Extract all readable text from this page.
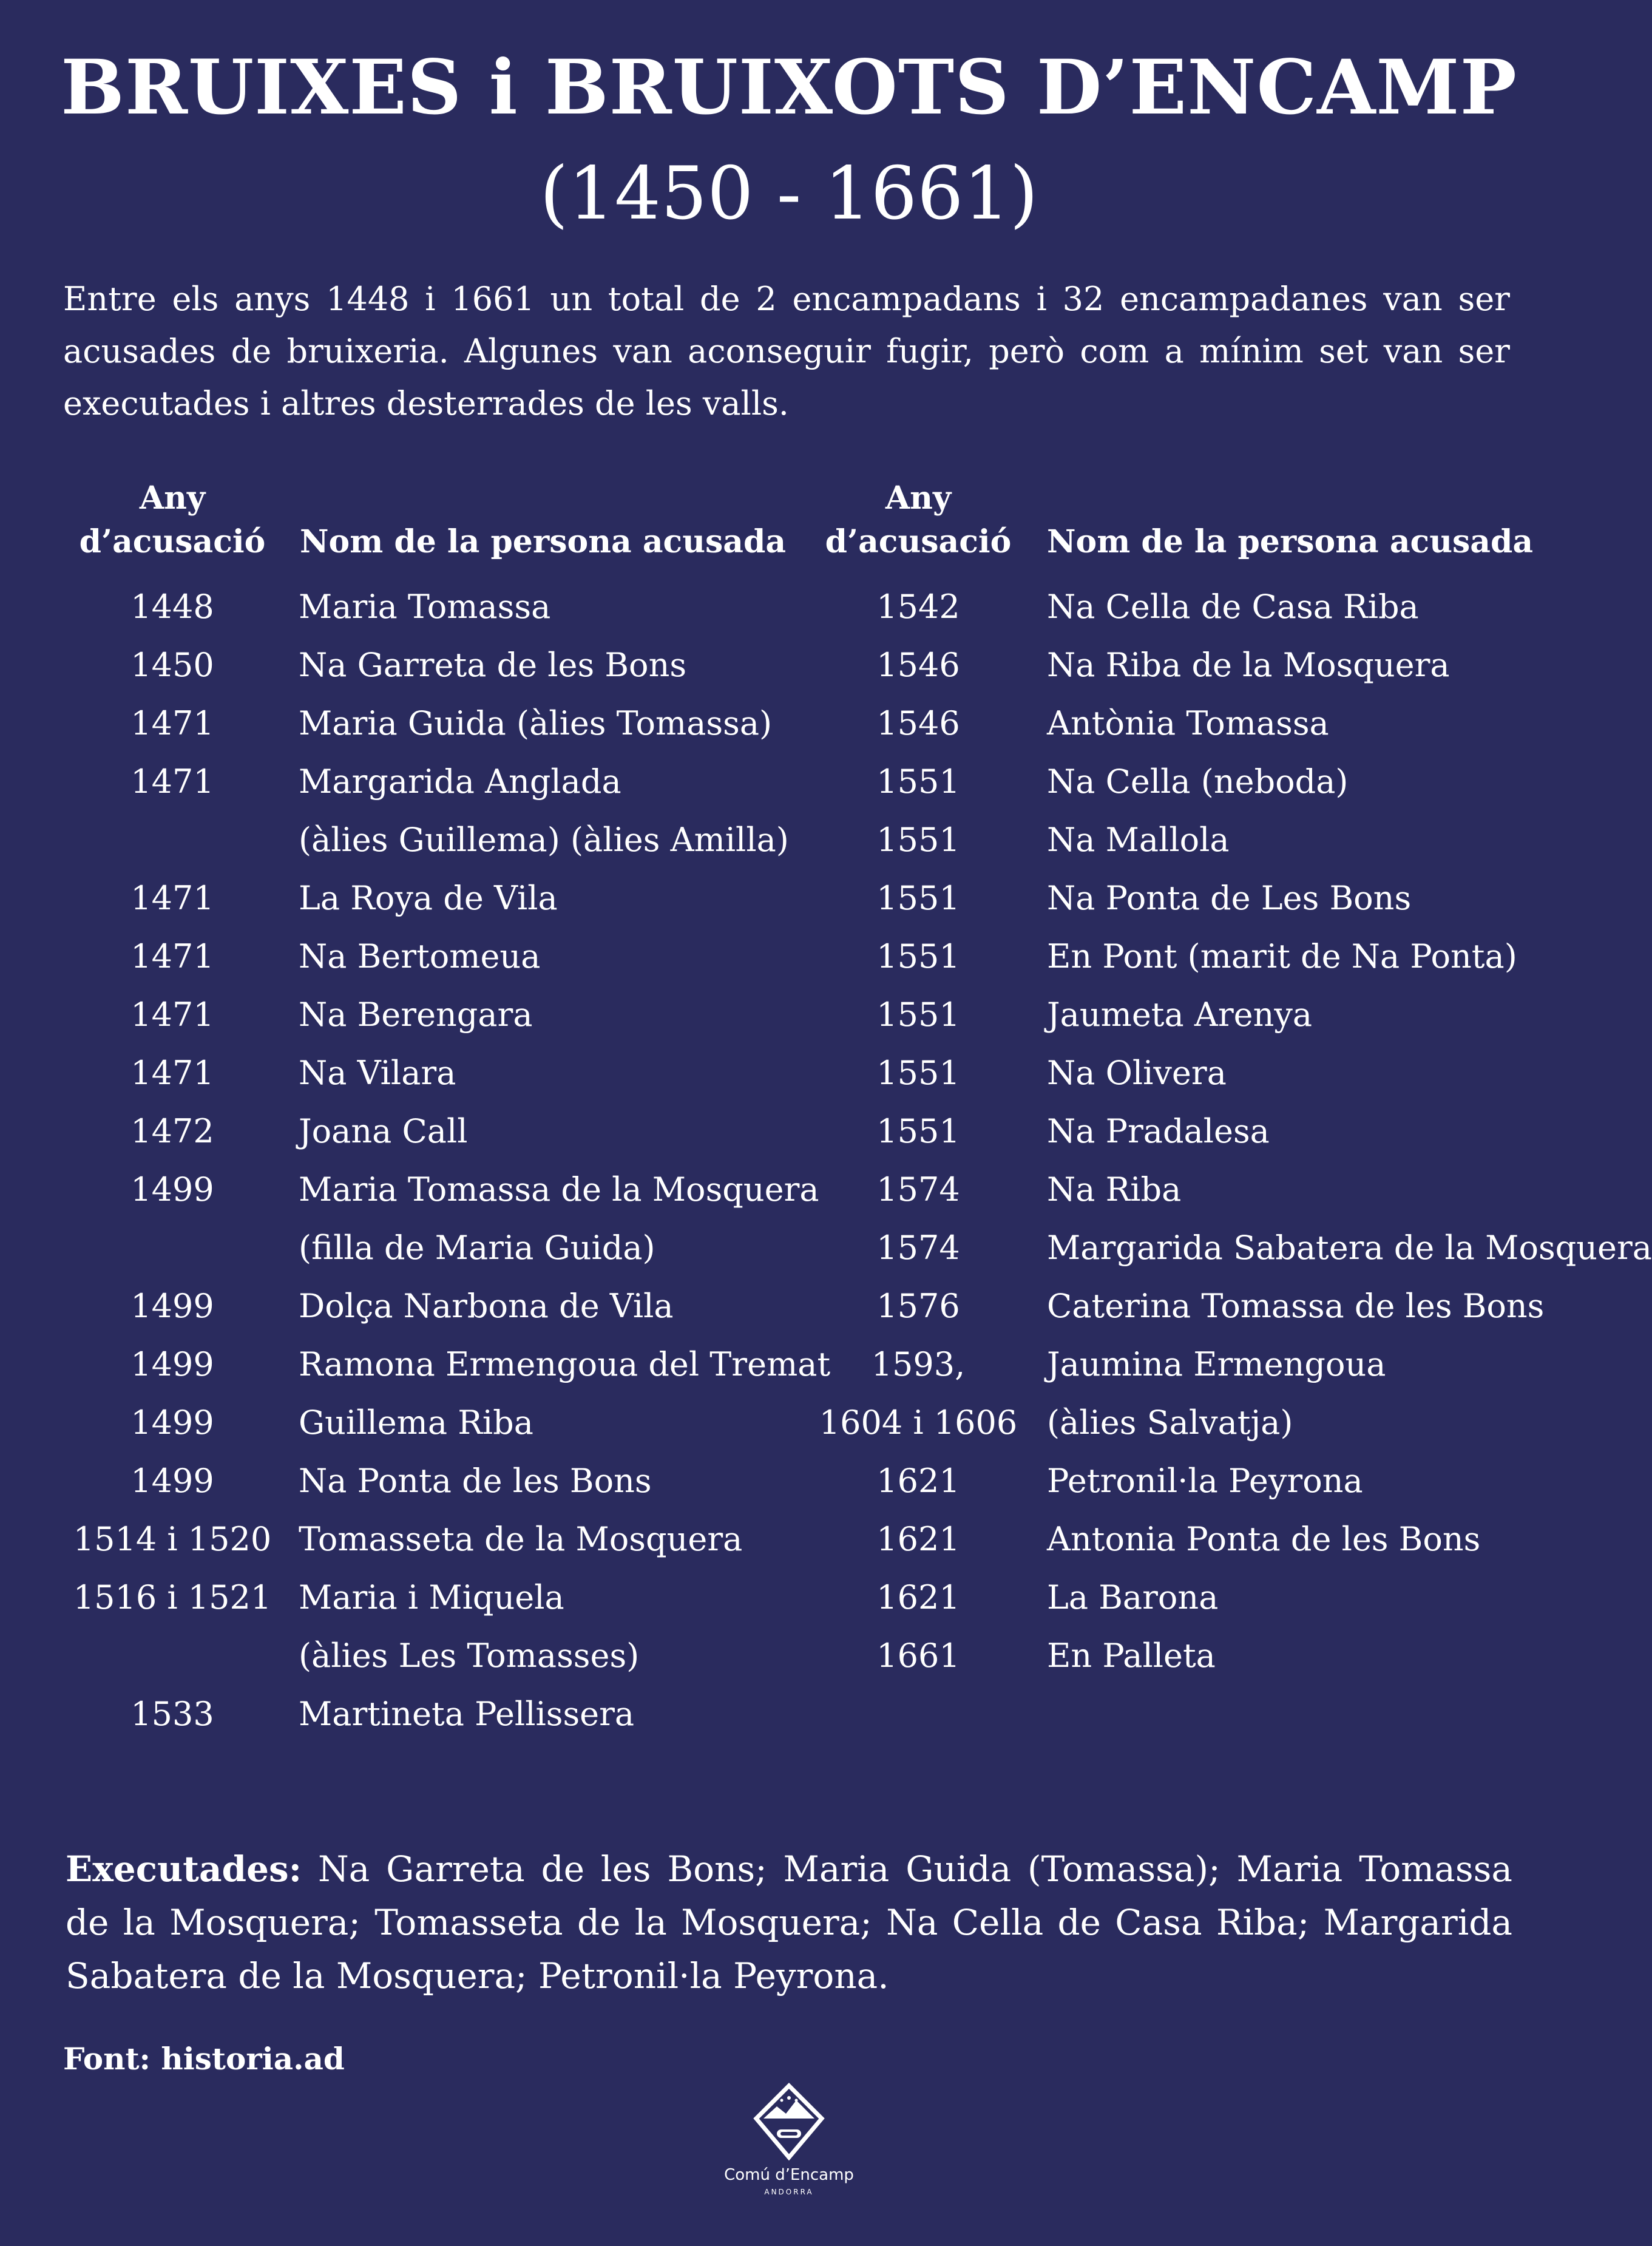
BRUIXES i BRUIXOTS D’ENCAMP
(1450 - 1661)
Entre els anys 1448 i 1661 un total de 2 encampadans i 32 encampadanes van ser acusades de bruixeria. Algunes van aconseguir fugir, però com a mínim set van ser executades i altres desterrades de les valls.
Any
d’acusació	Nom de la persona acusada
Any
d’acusació	Nom de la persona acusada
1448	Maria Tomassa
1450	Na Garreta de les Bons
1471	Maria Guida (àlies Tomassa)
1471	Margarida Anglada
(àlies Guillema) (àlies Amilla)
1471	La Roya de Vila
1471	Na Bertomeua
1471	Na Berengara
1471	Na Vilara
1472	Joana Call
1499	Maria Tomassa de la Mosquera
(filla de Maria Guida)
1499	Dolça Narbona de Vila
1499	Ramona Ermengoua del Tremat
1499	Guillema Riba
1499	Na Ponta de les Bons
1514 i 1520 Tomasseta de la Mosquera
1516 i 1521 Maria i Miquela
(àlies Les Tomasses)
1533	Martineta Pellissera
1542	Na Cella de Casa Riba
1546	Na Riba de la Mosquera
1546	Antònia Tomassa
1551	Na Cella (neboda)
1551	Na Mallola
1551	Na Ponta de Les Bons
1551	En Pont (marit de Na Ponta)
1551	Jaumeta Arenya
1551	Na Olivera
1551	Na Pradalesa
1574	Na Riba
1574	Margarida Sabatera de la Mosquera
1576	Caterina Tomassa de les Bons
1593,	Jaumina Ermengoua
1604 i 1606 (àlies Salvatja)
1621	Petronil·la Peyrona
1621	Antonia Ponta de les Bons
1621	La Barona
1661	En Palleta
Executades: Na Garreta de les Bons; Maria Guida (Tomassa); Maria Tomassa de la Mosquera; Tomasseta de la Mosquera; Na Cella de Casa Riba; Margarida Sabatera de la Mosquera; Petronil·la Peyrona.
Font: historia.ad
Comú d’Encamp
ANDORRA
